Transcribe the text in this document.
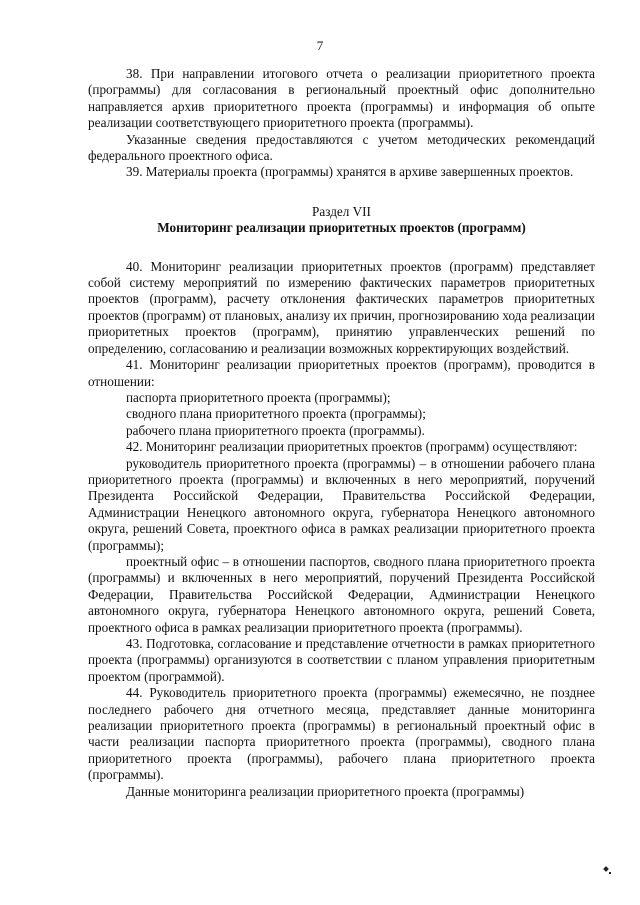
7

38. При направлении итогового отчета о реализации приоритетного проекта (программы) для согласования в региональный проектный офис дополнительно направляется архив приоритетного проекта (программы) и информация об опыте реализации соответствующего приоритетного проекта (программы).

Указанные сведения предоставляются с учетом методических рекомендаций федерального проектного офиса.

39. Материалы проекта (программы) хранятся в архиве завершенных проектов.

Раздел VII
Мониторинг реализации приоритетных проектов (программ)

40. Мониторинг реализации приоритетных проектов (программ) представляет собой систему мероприятий по измерению фактических параметров приоритетных проектов (программ), расчету отклонения фактических параметров приоритетных проектов (программ) от плановых, анализу их причин, прогнозированию хода реализации приоритетных проектов (программ), принятию управленческих решений по определению, согласованию и реализации возможных корректирующих воздействий.

41. Мониторинг реализации приоритетных проектов (программ), проводится в отношении:

паспорта приоритетного проекта (программы);

сводного плана приоритетного проекта (программы);

рабочего плана приоритетного проекта (программы).

42. Мониторинг реализации приоритетных проектов (программ) осуществляют:

руководитель приоритетного проекта (программы) – в отношении рабочего плана приоритетного проекта (программы) и включенных в него мероприятий, поручений Президента Российской Федерации, Правительства Российской Федерации, Администрации Ненецкого автономного округа, губернатора Ненецкого автономного округа, решений Совета, проектного офиса в рамках реализации приоритетного проекта (программы);

проектный офис – в отношении паспортов, сводного плана приоритетного проекта (программы) и включенных в него мероприятий, поручений Президента Российской Федерации, Правительства Российской Федерации, Администрации Ненецкого автономного округа, губернатора Ненецкого автономного округа, решений Совета, проектного офиса в рамках реализации приоритетного проекта (программы).

43. Подготовка, согласование и представление отчетности в рамках приоритетного проекта (программы) организуются в соответствии с планом управления приоритетным проектом (программой).

44. Руководитель приоритетного проекта (программы) ежемесячно, не позднее последнего рабочего дня отчетного месяца, представляет данные мониторинга реализации приоритетного проекта (программы) в региональный проектный офис в части реализации паспорта приоритетного проекта (программы), сводного плана приоритетного проекта (программы), рабочего плана приоритетного проекта (программы).

Данные мониторинга реализации приоритетного проекта (программы)
